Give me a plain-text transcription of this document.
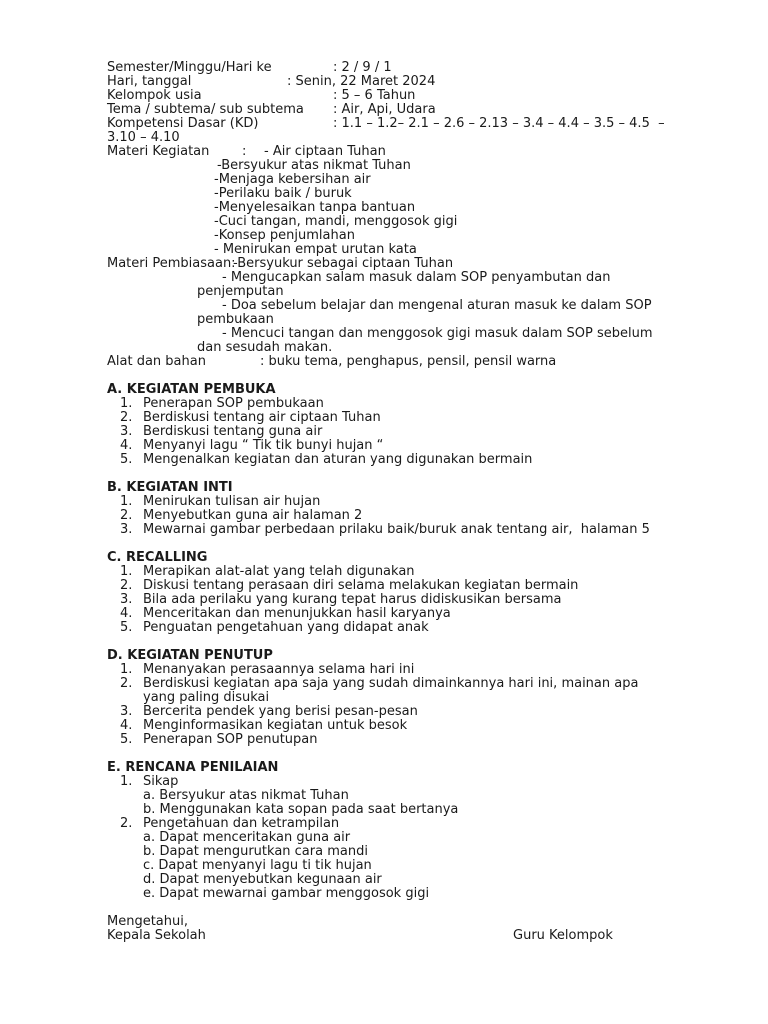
Semester/Minggu/Hari ke	: 2 / 9 / 1
Hari, tanggal	: Senin, 22 Maret 2024
Kelompok usia	: 5 – 6 Tahun
Tema / subtema/ sub subtema : Air, Api, Udara
Kompetensi Dasar (KD)	: 1.1 – 1.2– 2.1 – 2.6 – 2.13 – 3.4 – 4.4 – 3.5 – 4.5  –
3.10 – 4.10
Materi Kegiatan	: - Air ciptaan Tuhan
-Bersyukur atas nikmat Tuhan
-Menjaga kebersihan air
-Perilaku baik / buruk
-Menyelesaikan tanpa bantuan
-Cuci tangan, mandi, menggosok gigi
-Konsep penjumlahan
- Menirukan empat urutan kata
Materi Pembiasaan:
-Bersyukur sebagai ciptaan Tuhan
- Mengucapkan salam masuk dalam SOP penyambutan dan
penjemputan
- Doa sebelum belajar dan mengenal aturan masuk ke dalam SOP
pembukaan
- Mencuci tangan dan menggosok gigi masuk dalam SOP sebelum
dan sesudah makan.
Alat dan bahan	: buku tema, penghapus, pensil, pensil warna
A. KEGIATAN PEMBUKA
1. Penerapan SOP pembukaan
2. Berdiskusi tentang air ciptaan Tuhan
3. Berdiskusi tentang guna air
4. Menyanyi lagu “ Tik tik bunyi hujan “
5. Mengenalkan kegiatan dan aturan yang digunakan bermain
B. KEGIATAN INTI
1. Menirukan tulisan air hujan
2. Menyebutkan guna air halaman 2
3. Mewarnai gambar perbedaan prilaku baik/buruk anak tentang air,  halaman 5
C. RECALLING
1. Merapikan alat-alat yang telah digunakan
2. Diskusi tentang perasaan diri selama melakukan kegiatan bermain
3. Bila ada perilaku yang kurang tepat harus didiskusikan bersama
4. Menceritakan dan menunjukkan hasil karyanya
5. Penguatan pengetahuan yang didapat anak
D. KEGIATAN PENUTUP
1. Menanyakan perasaannya selama hari ini
2. Berdiskusi kegiatan apa saja yang sudah dimainkannya hari ini, mainan apa
yang paling disukai
3. Bercerita pendek yang berisi pesan-pesan
4. Menginformasikan kegiatan untuk besok
5. Penerapan SOP penutupan
E. RENCANA PENILAIAN
1. Sikap
a. Bersyukur atas nikmat Tuhan
b. Menggunakan kata sopan pada saat bertanya
2. Pengetahuan dan ketrampilan
a. Dapat menceritakan guna air
b. Dapat mengurutkan cara mandi
c. Dapat menyanyi lagu ti tik hujan
d. Dapat menyebutkan kegunaan air
e. Dapat mewarnai gambar menggosok gigi
Mengetahui,
Kepala Sekolah	Guru Kelompok
